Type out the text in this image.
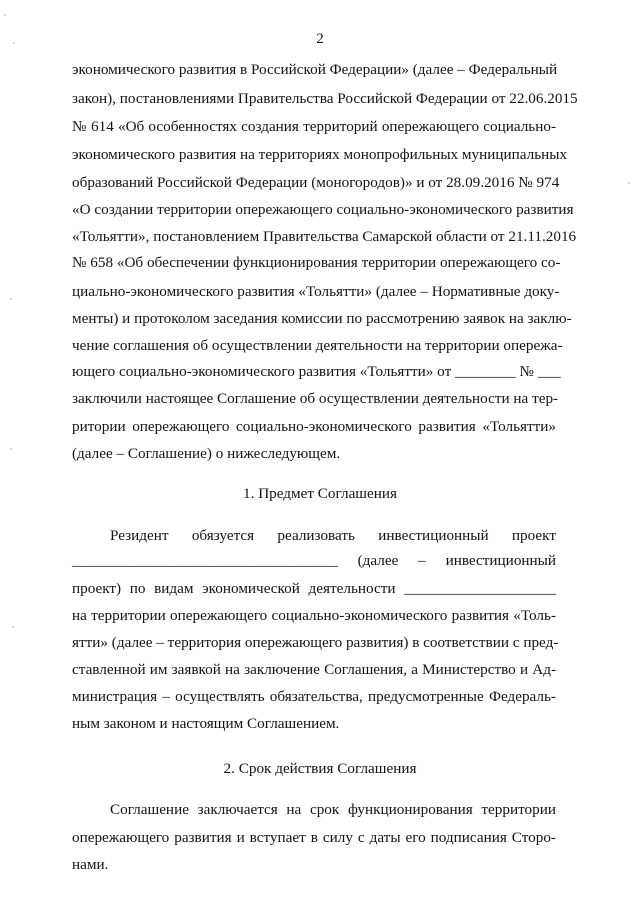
2
экономического развития в Российской Федерации» (далее – Федеральный
закон), постановлениями Правительства Российской Федерации от 22.06.2015
№ 614 «Об особенностях создания территорий опережающего социально-
экономического развития на территориях монопрофильных муниципальных
образований Российской Федерации (моногородов)» и от 28.09.2016 № 974
«О создании территории опережающего социально-экономического развития
«Тольятти», постановлением Правительства Самарской области от 21.11.2016
№ 658 «Об обеспечении функционирования территории опережающего со-
циально-экономического развития «Тольятти» (далее – Нормативные доку-
менты) и протоколом заседания комиссии по рассмотрению заявок на заклю-
чение соглашения об осуществлении деятельности на территории опережа-
ющего социально-экономического развития «Тольятти» от ________ № ___
заключили настоящее Соглашение об осуществлении деятельности на тер-
ритории опережающего социально-экономического развития «Тольятти»
(далее – Соглашение) о нижеследующем.
1. Предмет Соглашения
Резидент обязуется реализовать инвестиционный проект
___________________________________ (далее – инвестиционный
проект) по видам экономической деятельности ____________________
на территории опережающего социально-экономического развития «Толь-
ятти» (далее – территория опережающего развития) в соответствии с пред-
ставленной им заявкой на заключение Соглашения, а Министерство и Ад-
министрация – осуществлять обязательства, предусмотренные Федераль-
ным законом и настоящим Соглашением.
2. Срок действия Соглашения
Соглашение заключается на срок функционирования территории
опережающего развития и вступает в силу с даты его подписания Сторо-
нами.
